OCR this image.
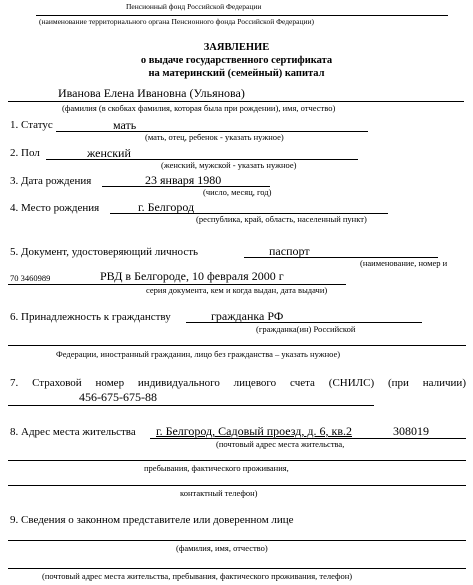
Пенсионный фонд Российской Федерации
(наименование территориального органа Пенсионного фонда Российской Федерации)
ЗАЯВЛЕНИЕ
о выдаче государственного сертификата
на материнский (семейный) капитал
Иванова Елена Ивановна (Ульянова)
(фамилия (в скобках фамилия, которая была при рождении), имя, отчество)
1. Статус	мать
(мать, отец, ребенок - указать нужное)
2. Пол	женский
(женский, мужской - указать нужное)
3. Дата рождения	23 января 1980
(число, месяц, год)
4. Место рождения	г. Белгород
(республика, край, область, населенный пункт)
5. Документ, удостоверяющий личность	паспорт
(наименование, номер и
70 3460989	РВД в Белгороде, 10 февраля 2000 г
серия документа, кем и когда выдан, дата выдачи)
6. Принадлежность к гражданству	гражданка РФ
(гражданка(ин) Российской
Федерации, иностранный гражданин, лицо без гражданства – указать нужное)
7. Страховой номер индивидуального лицевого счета (СНИЛС) (при наличии)
456-675-675-88
8. Адрес места жительства г. Белгород, Садовый проезд, д. 6, кв.2	308019
(почтовый адрес места жительства,
пребывания, фактического проживания,
контактный телефон)
9. Сведения о законном представителе или доверенном лице
(фамилия, имя, отчество)
(почтовый адрес места жительства, пребывания, фактического проживания, телефон)
